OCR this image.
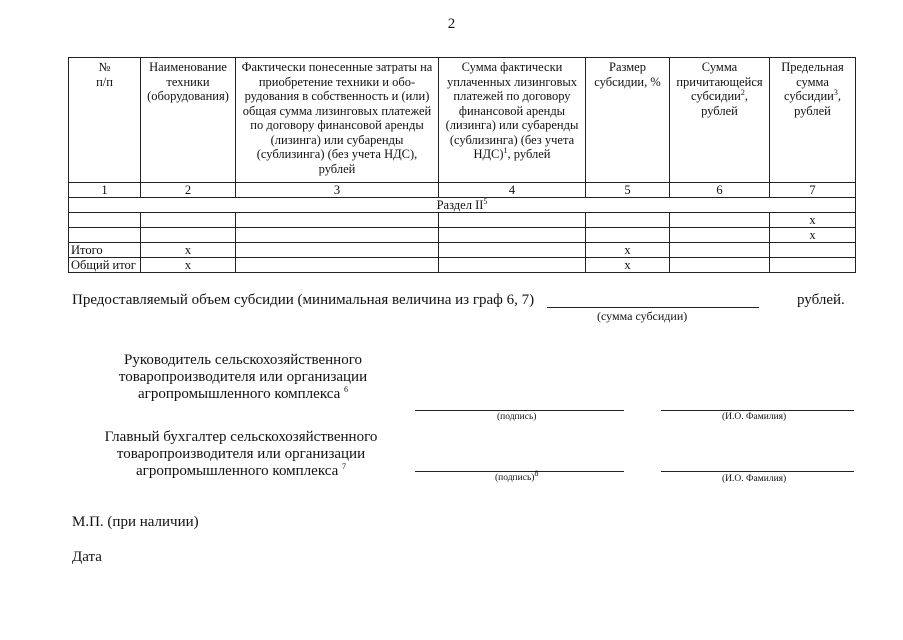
2
№
п/п	Наименование техники (оборудования)	Фактически понесенные затраты на приобретение техники и обо-рудования в собственность и (или) общая сумма лизинговых платежей по договору финансовой аренды (лизинга) или субаренды (сублизинга) (без учета НДС), рублей	Сумма фактически уплаченных лизинговых платежей по договору финансовой аренды (лизинга) или субаренды (сублизинга) (без учета НДС)$^1$, рублей	Размер субсидии, %	Сумма причитающейся субсидии$^2$, рублей	Предельная сумма субсидии$^3$, рублей
1	2	3	4	5	6	7
Раздел $II^5$
						x
						x
Итого	x			x		
Общий итог	x			x		
Предоставляемый объем субсидии (минимальная величина из граф 6, 7)	рублей.
(сумма субсидии)
Руководитель сельскохозяйственного
товаропроизводителя или организации
агропромышленного комплекса $^6$
(подпись)	(И.О. Фамилия)
Главный бухгалтер сельскохозяйственного
товаропроизводителя или организации
агропромышленного комплекса $^7$
(подпись)$^8$
(И.О. Фамилия)
М.П. (при наличии)
Дата
